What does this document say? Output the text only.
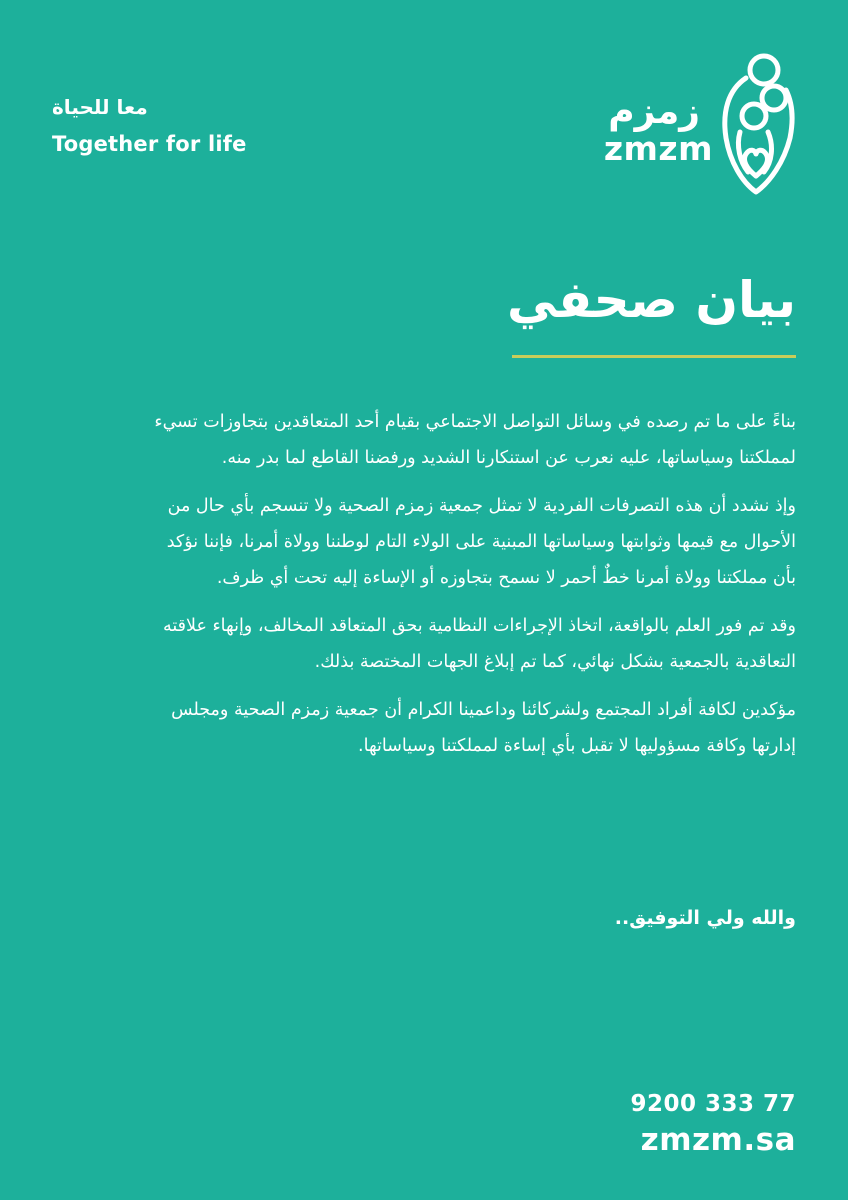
معا للحياة

Together for life

زمزم
zmzm
بيان صحفي

بناءً على ما تم رصده في وسائل التواصل الاجتماعي بقيام أحد المتعاقدين بتجاوزات تسيء لمملكتنا وسياساتها، عليه نعرب عن استنكارنا الشديد ورفضنا القاطع لما بدر منه.

وإذ نشدد أن هذه التصرفات الفردية لا تمثل جمعية زمزم الصحية ولا تنسجم بأي حال من الأحوال مع قيمها وثوابتها وسياساتها المبنية على الولاء التام لوطننا وولاة أمرنا، فإننا نؤكد بأن مملكتنا وولاة أمرنا خطٌ أحمر لا نسمح بتجاوزه أو الإساءة إليه تحت أي ظرف.

وقد تم فور العلم بالواقعة، اتخاذ الإجراءات النظامية بحق المتعاقد المخالف، وإنهاء علاقته التعاقدية بالجمعية بشكل نهائي، كما تم إبلاغ الجهات المختصة بذلك.

مؤكدين لكافة أفراد المجتمع ولشركائنا وداعمينا الكرام أن جمعية زمزم الصحية ومجلس إدارتها وكافة مسؤوليها لا تقبل بأي إساءة لمملكتنا وسياساتها.

والله ولي التوفيق..
9200 333 77
zmzm.sa
